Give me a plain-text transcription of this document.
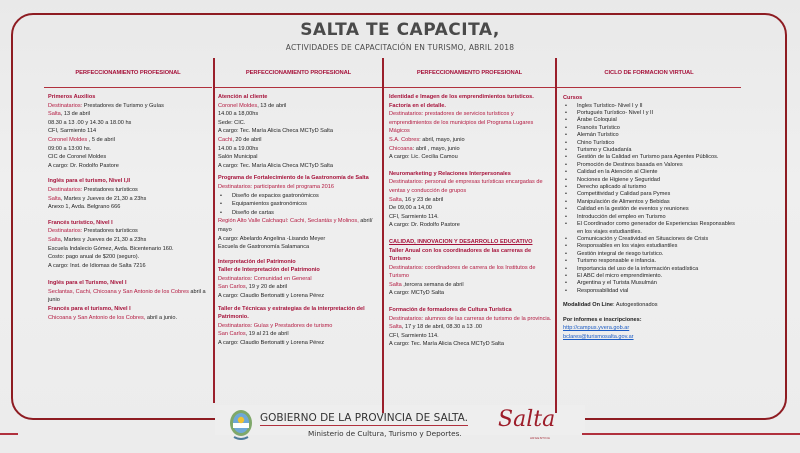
SALTA TE CAPACITA,
ACTIVIDADES DE CAPACITACIÓN EN TURISMO, ABRIL 2018
PERFECCIONAMIENTO PROFESIONAL
Primeros Auxilios
Destinatarios: Prestadores de Turismo y Guías
Salta, 13 de abril
08.30 a 13 .00 y 14.30 a 18.00 hs
CFI, Sarmiento 114
Coronel Moldes , 5 de abril
09:00 a 13:00 hs.
CIC de Coronel Moldes
A cargo: Dr. Rodolfo Pastore
Inglés para el turismo, Nivel I,II
Destinatarios: Prestadores turísticos
Salta, Martes y Jueves de 21,30 a 23hs
Anexo 1, Avda. Belgrano 666
Francés turístico, Nivel I
Destinatarios: Prestadores turísticos
Salta, Martes y Jueves de 21,30 a 23hs
Escuela Indalecio Gómez, Avda. Bicentenario 160.
Costo: pago anual de $200 (seguro).
A cargo: Inst. de Idiomas de Salta 7216
Inglés para el Turismo, Nivel I
Seclantas, Cachi, Chicoana y San Antonio de los Cobres abril a junio
Francés para el turismo, Nivel I
Chicoana y San Antonio de los Cobres, abril a junio.
PERFECCIONAMIENTO PROFESIONAL
Atención al cliente
Coronel Moldes, 13 de abril
14.00 a 18,00hs
Sede: CIC.
A cargo: Tec. María Alicia Checa MCTyD Salta
Cachi, 20 de abril
14.00 a 19.00hs
Salón Municipal
A cargo: Tec. María Alicia Checa MCTyD Salta
Programa de Fortalecimiento de la Gastronomía de Salta
Destinatarios: participantes del programa 2016
•	Diseño de espacios gastronómicos
•	Equipamientos gastronómicos
•	Diseño de cartas
Región Alto Valle Calchaquí: Cachi, Seclantás y Molinos, abril/ mayo
A cargo: Abelardo Angelina -Lisando Meyer
Escuela de Gastronomía Salamanca
Interpretación del Patrimonio
Taller de Interpretación del Patrimonio
Destinatarios: Comunidad en General
San Carlos, 19 y 20 de abril
A cargo: Claudio Bertonatti y Lorena Pérez
Taller de Técnicas y estrategias de la interpretación del Patrimonio.
Destinatarios: Guías y Prestadores de turismo
San Carlos, 19 al 21 de abril
A cargo: Claudio Bertonatti y Lorena Pérez
PERFECCIONAMIENTO PROFESIONAL
Identidad e Imagen de los emprendimientos turísticos. Factoría en el detalle.
Destinatarios: prestadores de servicios turísticos y emprendimientos de los municipios del Programa Lugares Mágicos
S.A. Cobres: abril, mayo, junio
Chicoana: abril , mayo, junio
A cargo: Lic. Cecilia Camou
Neuromarketing y Relaciones Interpersonales
Destinatarios: personal de empresas turísticas encargadas de ventas y conducción de grupos
Salta, 16 y 23 de abril
De 09,00 a 14,00
CFI, Sarmiento 114.
A cargo: Dr. Rodolfo Pastore
CALIDAD, INNOVACION Y DESARROLLO EDUCATIVO
Taller Anual con los coordinadores de las carreras de Turismo
Destinatarios: coordinadores de carrera de los Institutos de Turismo
Salta ,tercera semana de abril
A cargo: MCTyD Salta
Formación de formadores de Cultura Turística
Destinatarios: alumnos de las carreras de turismo de la provincia.
Salta, 17 y 18 de abril, 08.30 a 13 .00
CFI, Sarmiento 114.
A cargo: Tec. María Alicia Checa MCTyD Salta
CICLO DE FORMACION VIRTUAL
Cursos
•	Ingles Turístico- Nivel I y II
•	Portugués Turístico- Nivel I y II
•	Árabe Coloquial
•	Francés Turístico
•	Alemán Turístico
•	Chino Turístico
•	Turismo y Ciudadanía
•	Gestión de la Calidad en Turismo para Agentes Públicos.
•	Promoción de Destinos basada en Valores
•	Calidad en la Atención al Cliente
•	Nociones de Higiene y Seguridad
•	Derecho aplicado al turismo
•	Competitividad y Calidad para Pymes
•	Manipulación de Alimentos y Bebidas
•	Calidad en la gestión de eventos y reuniones
•	Introducción del empleo en Turismo
•	El Coordinador como generador de Experiencias Responsables en los viajes estudiantiles.
•	Comunicación y Creatividad en Situaciones de Crisis
•	Responsables en los viajes estudiantiles
•	Gestión integral de riesgo turístico.
•	Turismo responsable e infancia.
•	Importancia del uso de la información estadística
•	El ABC del micro emprendimiento.
•	Argentina y el Turista Musulmán
•	Responsabilidad vial
Modalidad On Line: Autogestionados
Por informes e inscripciones:
http://campus.yvera.gob.ar
bclares@turismosalta.gov.ar
GOBIERNO DE LA PROVINCIA DE SALTA.
Ministerio de Cultura, Turismo y Deportes.
Salta
ARGENTINA
